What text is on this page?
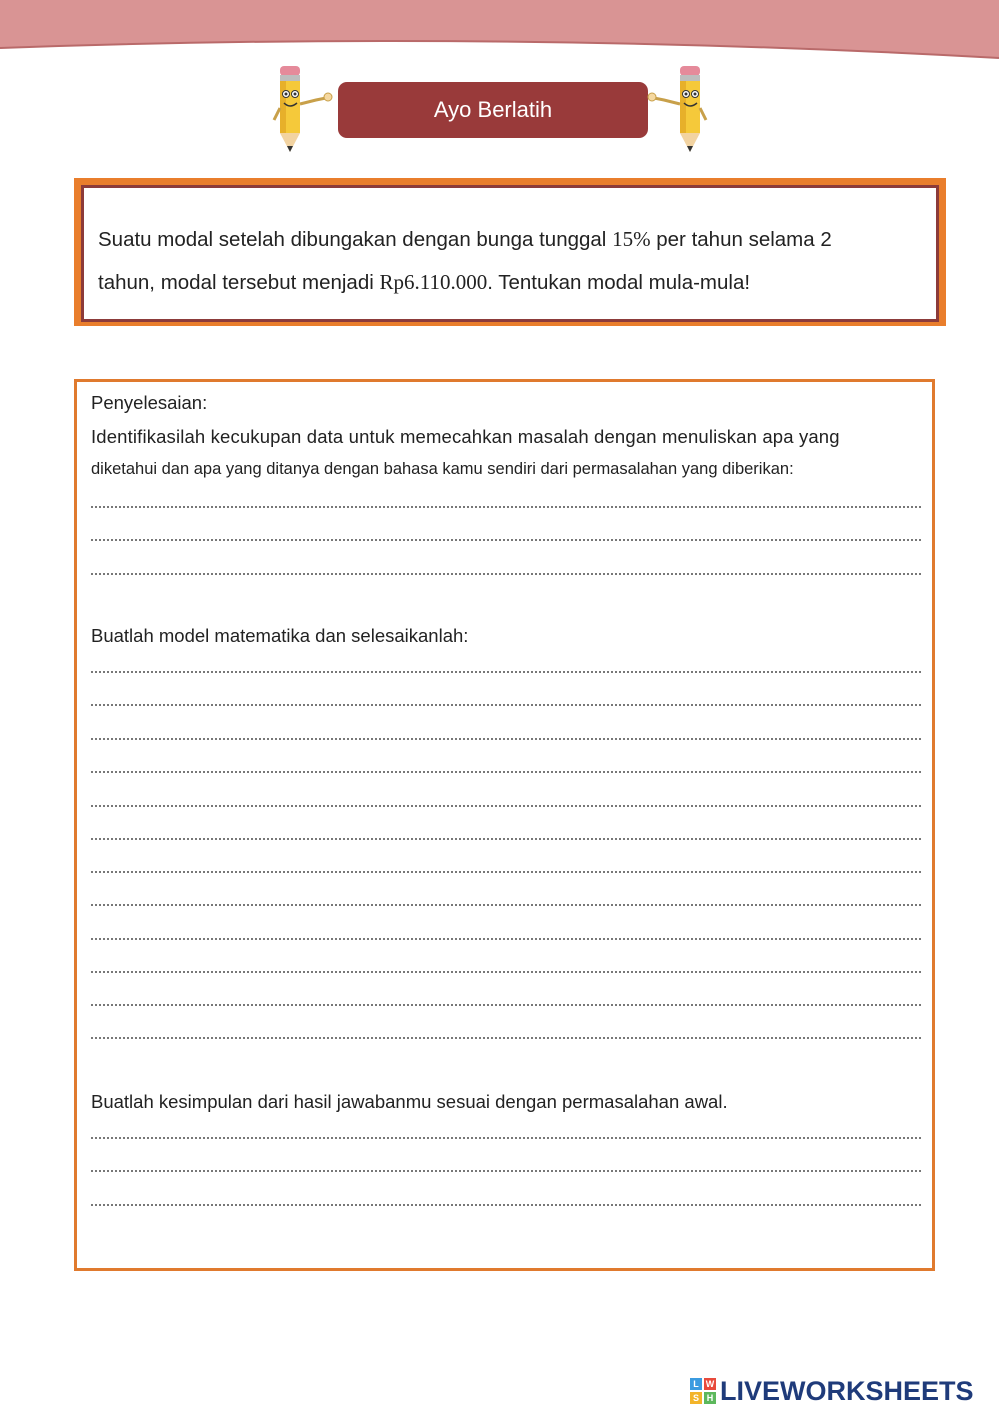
Ayo Berlatih
Suatu modal setelah dibungakan dengan bunga tunggal 15% per tahun selama 2
tahun, modal tersebut menjadi Rp6.110.000. Tentukan modal mula-mula!
Penyelesaian:
Identifikasilah kecukupan data untuk memecahkan masalah dengan menuliskan apa yang
diketahui dan apa yang ditanya dengan bahasa kamu sendiri dari permasalahan yang diberikan:
Buatlah model matematika dan selesaikanlah:
Buatlah kesimpulan dari hasil jawabanmu sesuai dengan permasalahan awal.
L W
S H LIVEWORKSHEETS
